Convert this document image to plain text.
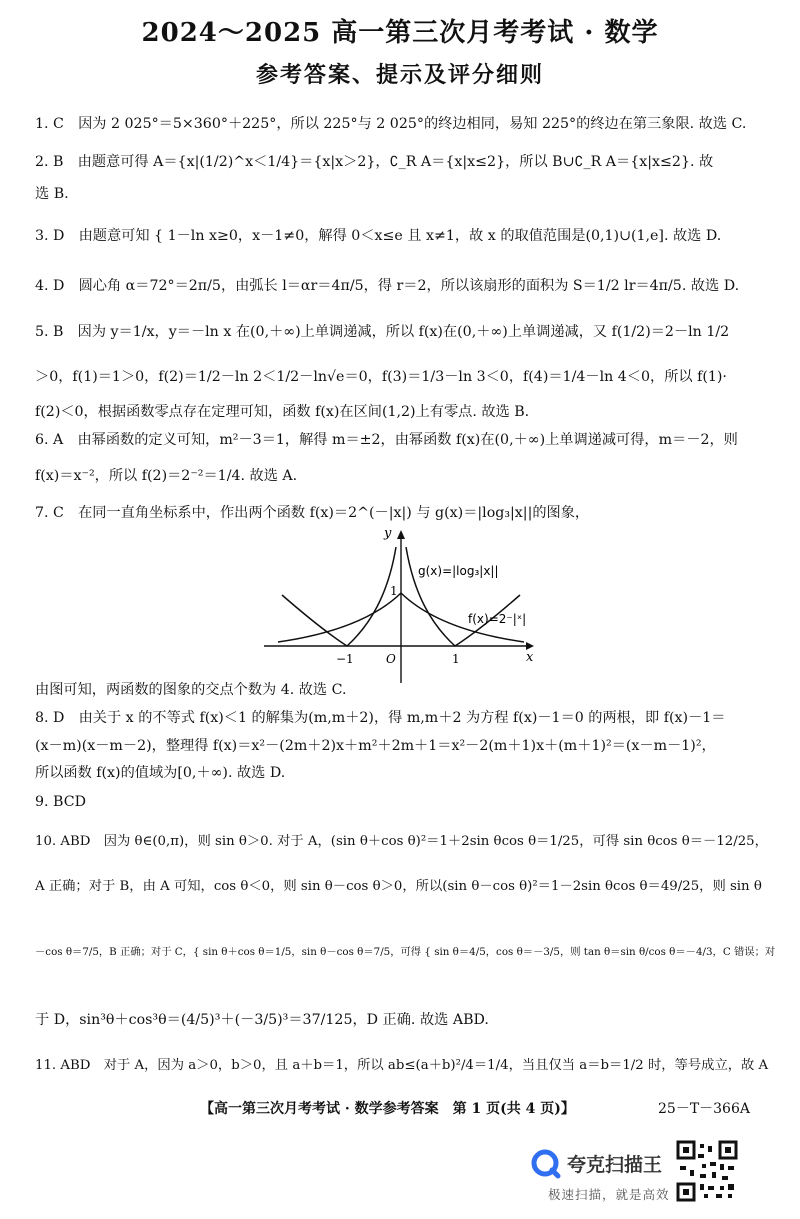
2024～2025 高一第三次月考考试 · 数学
参考答案、提示及评分细则
1. C　因为 2 025°＝5×360°＋225°，所以 225°与 2 025°的终边相同，易知 225°的终边在第三象限. 故选 C.
2. B　由题意可得 A＝{x|(1/2)^x＜1/4}＝{x|x＞2}，∁_R A＝{x|x≤2}，所以 B∪∁_R A＝{x|x≤2}. 故
选 B.
3. D　由题意可知 { 1－ln x≥0，x－1≠0，解得 0＜x≤e 且 x≠1，故 x 的取值范围是(0,1)∪(1,e]. 故选 D.
4. D　圆心角 α＝72°＝2π/5，由弧长 l＝αr＝4π/5，得 r＝2，所以该扇形的面积为 S＝1/2 lr＝4π/5. 故选 D.
5. B　因为 y＝1/x，y＝－ln x 在(0,＋∞)上单调递减，所以 f(x)在(0,＋∞)上单调递减，又 f(1/2)＝2－ln 1/2
＞0，f(1)＝1＞0，f(2)＝1/2－ln 2＜1/2－ln√e＝0，f(3)＝1/3－ln 3＜0，f(4)＝1/4－ln 4＜0，所以 f(1)·
f(2)＜0，根据函数零点存在定理可知，函数 f(x)在区间(1,2)上有零点. 故选 B.
6. A　由幂函数的定义可知，m²－3＝1，解得 m＝±2，由幂函数 f(x)在(0,＋∞)上单调递减可得，m＝－2，则
f(x)＝x⁻²，所以 f(2)＝2⁻²＝1/4. 故选 A.
7. C　在同一直角坐标系中，作出两个函数 f(x)＝2^(－|x|) 与 g(x)＝|log₃|x||的图象，
y
x
g(x)=|log₃|x||
f(x)=2⁻|ˣ|
−1	O	1
1
由图可知，两函数的图象的交点个数为 4. 故选 C.
8. D　由关于 x 的不等式 f(x)＜1 的解集为(m,m＋2)，得 m,m＋2 为方程 f(x)－1＝0 的两根，即 f(x)－1＝
(x－m)(x－m－2)，整理得 f(x)＝x²－(2m＋2)x＋m²＋2m＋1＝x²－2(m＋1)x＋(m＋1)²＝(x－m－1)²，
所以函数 f(x)的值域为[0,＋∞). 故选 D.
9. BCD
10. ABD　因为 θ∈(0,π)，则 sin θ＞0. 对于 A，(sin θ＋cos θ)²＝1＋2sin θcos θ＝1/25，可得 sin θcos θ＝－12/25，
A 正确；对于 B，由 A 可知，cos θ＜0，则 sin θ－cos θ＞0，所以(sin θ－cos θ)²＝1－2sin θcos θ＝49/25，则 sin θ
－cos θ＝7/5，B 正确；对于 C，{ sin θ＋cos θ＝1/5，sin θ－cos θ＝7/5，可得 { sin θ＝4/5，cos θ＝－3/5，则 tan θ＝sin θ/cos θ＝－4/3，C 错误；对
于 D，sin³θ＋cos³θ＝(4/5)³＋(－3/5)³＝37/125，D 正确. 故选 ABD.
11. ABD　对于 A，因为 a＞0，b＞0，且 a＋b＝1，所以 ab≤(a＋b)²/4＝1/4，当且仅当 a＝b＝1/2 时，等号成立，故 A
【高一第三次月考考试 · 数学参考答案　第 1 页(共 4 页)】	25－T－366A
夸克扫描王
极速扫描，就是高效
